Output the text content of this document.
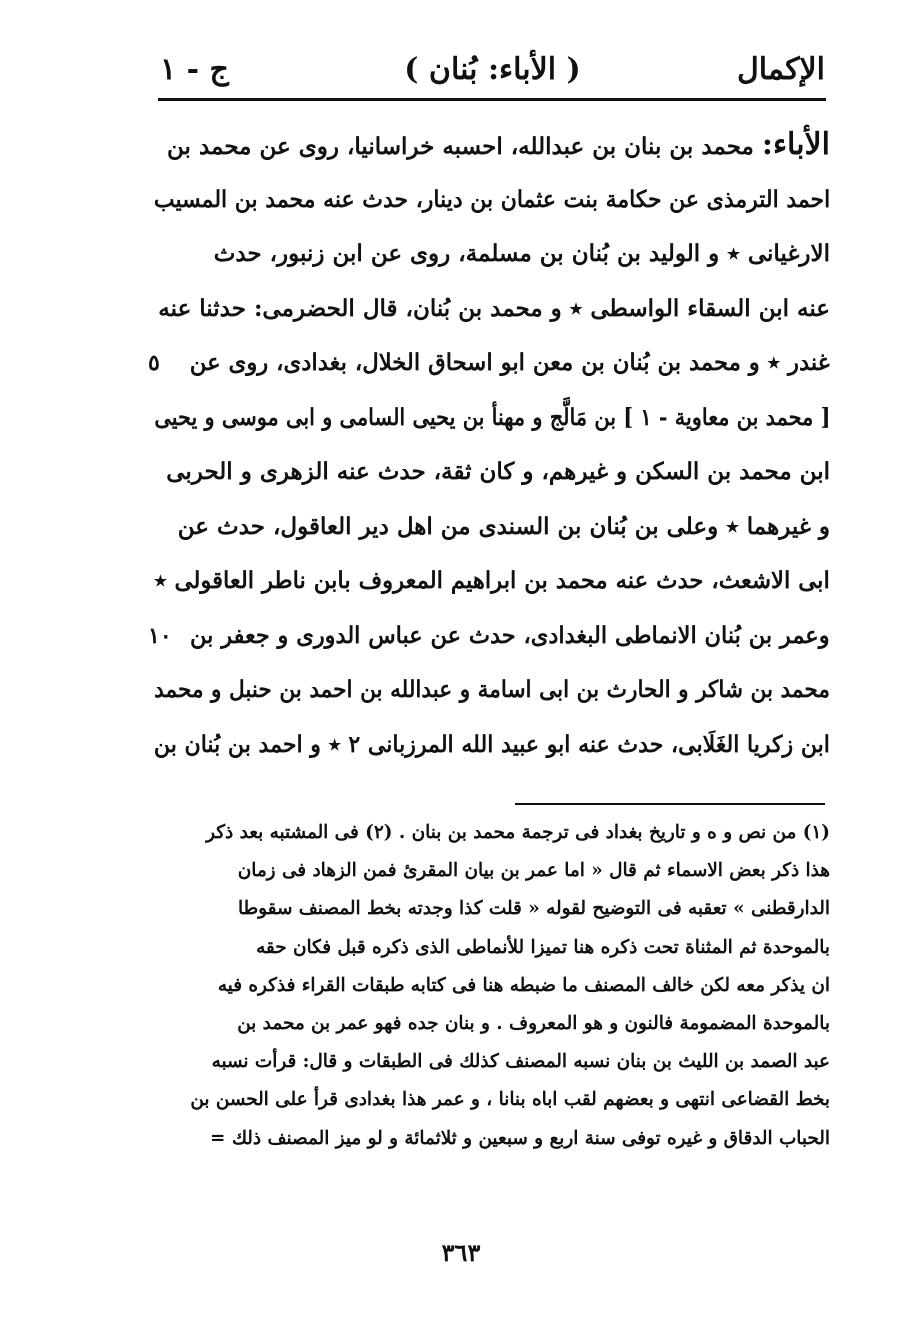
الإكمال
( الأباء: بُنان )
ج - ١
الأباء: محمد بن بنان بن عبدالله، احسبه خراسانيا، روى عن محمد بن
احمد الترمذى عن حكامة بنت عثمان بن دينار، حدث عنه محمد بن المسيب
الارغيانى ٭ و الوليد بن بُنان بن مسلمة، روى عن ابن زنبور، حدث
عنه ابن السقاء الواسطى ٭ و محمد بن بُنان، قال الحضرمى: حدثنا عنه
غندر ٭ و محمد بن بُنان بن معن ابو اسحاق الخلال، بغدادى، روى عن
٥
[ محمد بن معاوية - ١ ] بن مَالَّج و مهنأ بن يحيى السامى و ابى موسى و يحيى
ابن محمد بن السكن و غيرهم، و كان ثقة، حدث عنه الزهرى و الحربى
و غيرهما ٭ وعلى بن بُنان بن السندى من اهل دير العاقول، حدث عن
ابى الاشعث، حدث عنه محمد بن ابراهيم المعروف بابن ناطر العاقولى ٭
وعمر بن بُنان الانماطى البغدادى، حدث عن عباس الدورى و جعفر بن
١٠
محمد بن شاكر و الحارث بن ابى اسامة و عبدالله بن احمد بن حنبل و محمد
ابن زكريا الغَلَابى، حدث عنه ابو عبيد الله المرزبانى ٢ ٭ و احمد بن بُنان بن
(١) من نص و ه و تاريخ بغداد فى ترجمة محمد بن بنان . (٢) فى المشتبه بعد ذكر
هذا ذكر بعض الاسماء ثم قال « اما عمر بن بيان المقرئ فمن الزهاد فى زمان
الدارقطنى » تعقبه فى التوضيح لقوله « قلت كذا وجدته بخط المصنف سقوطا
بالموحدة ثم المثناة تحت ذكره هنا تميزا للأنماطى الذى ذكره قبل فكان حقه
ان يذكر معه لكن خالف المصنف ما ضبطه هنا فى كتابه طبقات القراء فذكره فيه
بالموحدة المضمومة فالنون و هو المعروف . و بنان جده فهو عمر بن محمد بن
عبد الصمد بن الليث بن بنان نسبه المصنف كذلك فى الطبقات و قال: قرأت نسبه
بخط القضاعى انتهى و بعضهم لقب اباه بنانا ، و عمر هذا بغدادى قرأ على الحسن بن
الحباب الدقاق و غيره توفى سنة اربع و سبعين و ثلاثمائة و لو ميز المصنف ذلك =
٣٦٣
